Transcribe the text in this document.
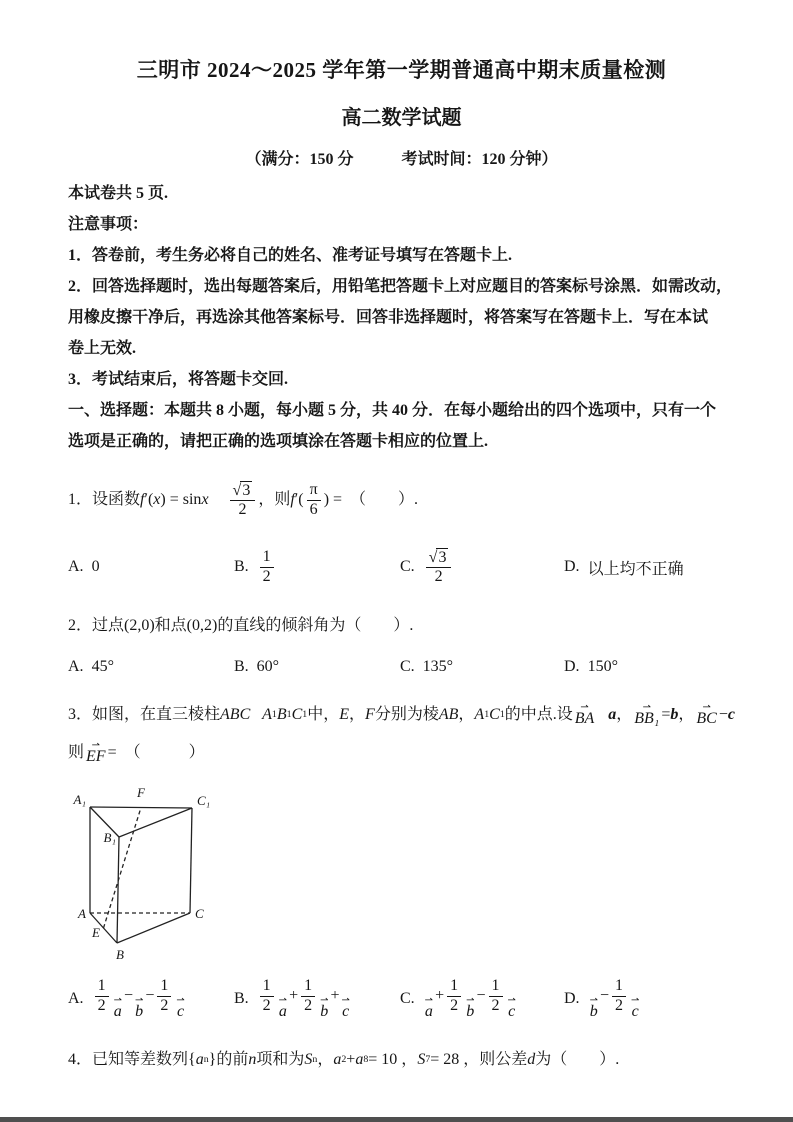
三明市 2024～2025 学年第一学期普通高中期末质量检测
高二数学试题
（满分：150 分　　　考试时间：120 分钟）
本试卷共 5 页.
注意事项：
1．答卷前，考生务必将自己的姓名、准考证号填写在答题卡上.
2．回答选择题时，选出每题答案后，用铅笔把答题卡上对应题目的答案标号涂黑．如需改动，
用橡皮擦干净后，再选涂其他答案标号．回答非选择题时，将答案写在答题卡上．写在本试
卷上无效.
3．考试结束后，将答题卡交回.
一、选择题：本题共 8 小题，每小题 5 分，共 40 分．在每小题给出的四个选项中，只有一个
选项是正确的，请把正确的选项填涂在答题卡相应的位置上.
1．设函数 f ′( x ) = sin x $\frac{√ 3}{2}$ ，则 f ′( $\frac{\pi}{6}$ ) =　（　　）.
A. 0	B. $\frac{1}{2}$	C. $\frac{√ 3}{2}$	D. 以上均不正确
2．过点(2,0)和点(0,2)的直线的倾斜角为（　　）.
A. 45°	B. 60°	C. 135°	D. 150°
3．如图，在直三棱柱 ABC A 1 B 1 C 1 中， E ， F 分别为棱 AB ， A 1 C 1 的中点.设 ⇀
BA a ， ⇀
BB₁ = b ， ⇀
BC − c
则 ⇀
EF =　（　　　）
A₁	F
C₁
B₁
A	C
E
B
A. $\frac{1}{2}$ ⇀
a
− ⇀
b
− $\frac{1}{2}$ ⇀
c
B. $\frac{1}{2}$ ⇀
a
+ $\frac{1}{2}$ ⇀
b
+ ⇀
c
C. ⇀
a
+ $\frac{1}{2}$ ⇀
b
− $\frac{1}{2}$ ⇀
c
D. ⇀
b
− $\frac{1}{2}$ ⇀
c
4．已知等差数列 { a n } 的前 n 项和为 S n ， a 2 + a 8 = 10 ， S 7 = 28 ，则公差 d 为（　　）.
